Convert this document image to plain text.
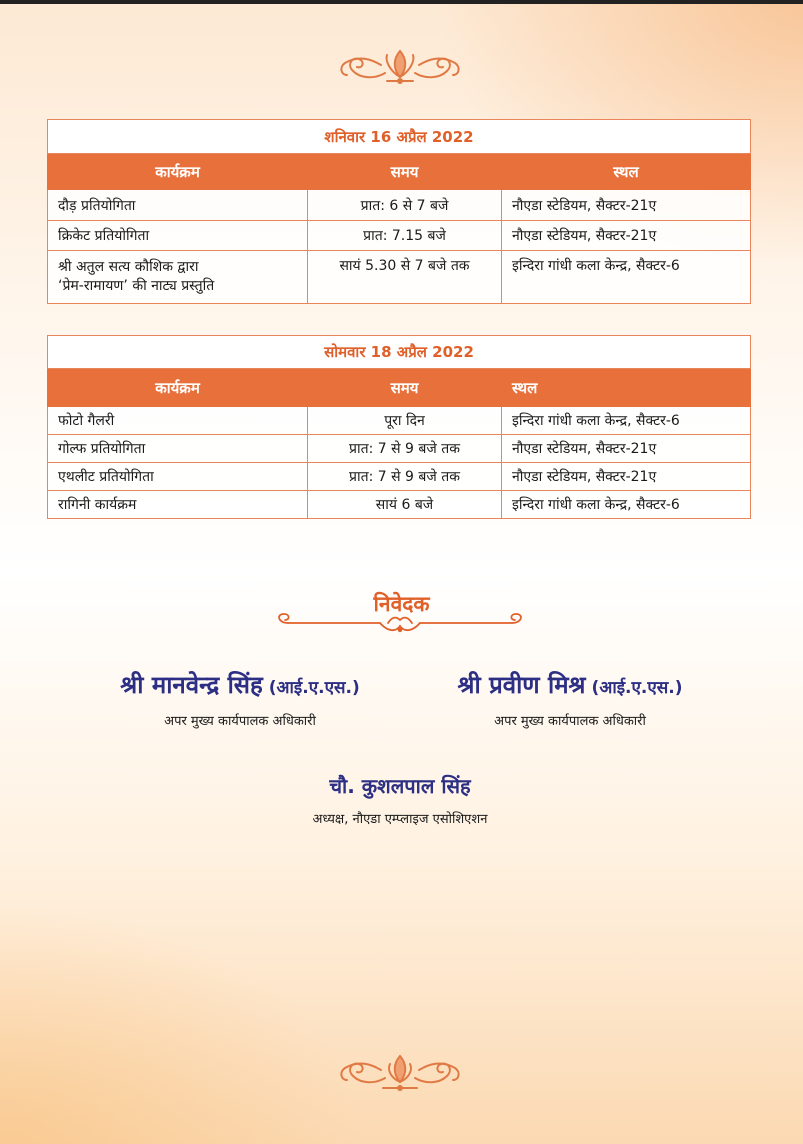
शनिवार 16 अप्रैल 2022		
कार्यक्रम	समय	स्थल
दौड़ प्रतियोगिता	प्रात: 6 से 7 बजे	नौएडा स्टेडियम, सैक्टर-21ए
क्रिकेट प्रतियोगिता	प्रात: 7.15 बजे	नौएडा स्टेडियम, सैक्टर-21ए
श्री अतुल सत्य कौशिक द्वारा
‘प्रेम-रामायण’ की नाट्य प्रस्तुति	सायं 5.30 से 7 बजे तक	इन्दिरा गांधी कला केन्द्र, सैक्टर-6
सोमवार 18 अप्रैल 2022		
कार्यक्रम	समय	स्थल
फोटो गैलरी	पूरा दिन	इन्दिरा गांधी कला केन्द्र, सैक्टर-6
गोल्फ प्रतियोगिता	प्रात: 7 से 9 बजे तक	नौएडा स्टेडियम, सैक्टर-21ए
एथलीट प्रतियोगिता	प्रात: 7 से 9 बजे तक	नौएडा स्टेडियम, सैक्टर-21ए
रागिनी कार्यक्रम	सायं 6 बजे	इन्दिरा गांधी कला केन्द्र, सैक्टर-6
निवेदक
श्री मानवेन्द्र सिंह (आई.ए.एस.)
अपर मुख्य कार्यपालक अधिकारी
श्री प्रवीण मिश्र (आई.ए.एस.)
अपर मुख्य कार्यपालक अधिकारी
चौ. कुशलपाल सिंह
अध्यक्ष, नौएडा एम्प्लाइज एसोशिएशन
